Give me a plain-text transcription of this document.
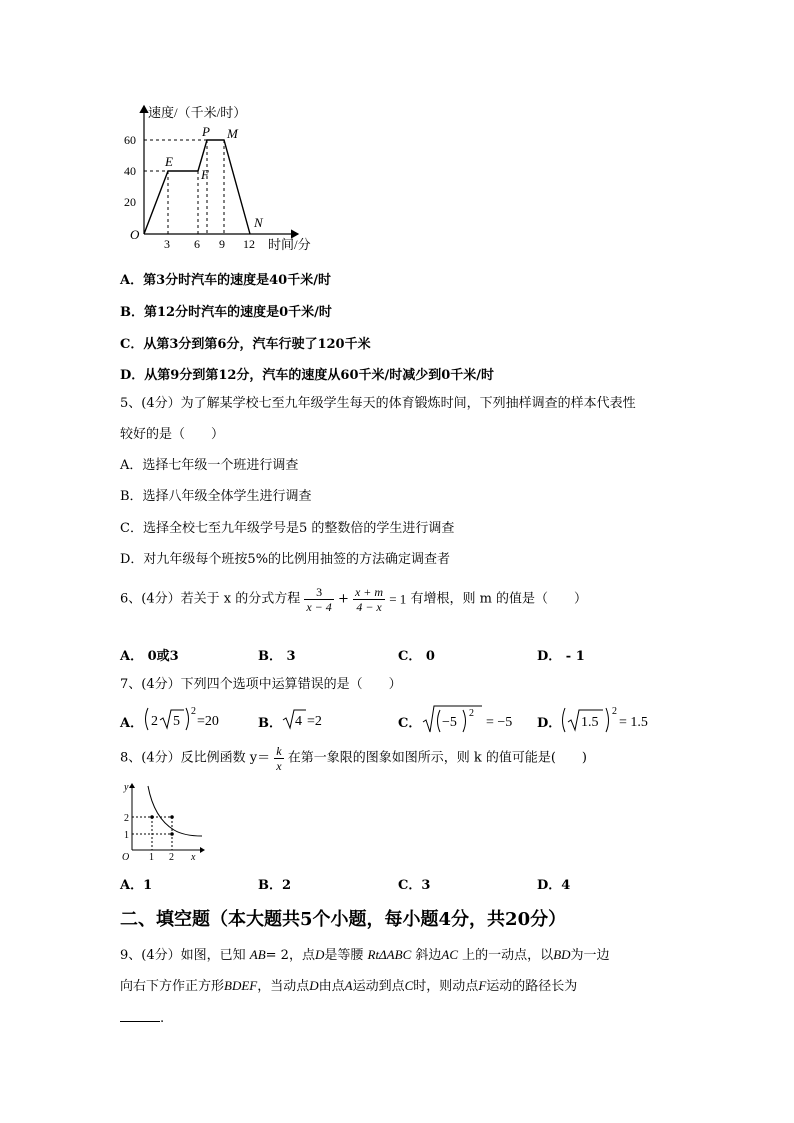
速度/（千米/时）
时间/分
60
40
20
O
3 6 9 12
E
F
P M
N
A．第3分时汽车的速度是40千米/时
B．第12分时汽车的速度是0千米/时
C．从第3分到第6分，汽车行驶了120千米
D．从第9分到第12分，汽车的速度从60千米/时减少到0千米/时
5、(4分）为了解某学校七至九年级学生每天的体育锻炼时间，下列抽样调查的样本代表性
较好的是（　　）
A．选择七年级一个班进行调查
B．选择八年级全体学生进行调查
C．选择全校七至九年级学号是5 的整数倍的学生进行调查
D．对九年级每个班按5%的比例用抽签的方法确定调查者
6、(4分）若关于 x 的分式方程 $\frac{3}{x - 4} + \frac{x + m}{4 - x} = 1$ 有增根，则 m 的值是（　　）
A． 0或3	B． 3	C． 0	D． - 1
7、(4分）下列四个选项中运算错误的是（　　）
A． 2 5
2
=20	B． 4 =2	C． −5
2
= −5 D． 1.5
2
= 1.5
8、(4分）反比例函数 $y= \frac{k}{x}$ 在第一象限的图象如图所示，则 k 的值可能是(　　)
y
x
O
2
1
1 2
A．1	B．2	C．3	D．4
二、填空题（本大题共5个小题，每小题4分，共20分）
9、(4分）如图，已知 AB= 2，点D是等腰 RtΔABC 斜边AC 上的一动点，以BD为一边
向右下方作正方形BDEF，当动点D由点A运动到点C时，则动点F运动的路径长为
.
